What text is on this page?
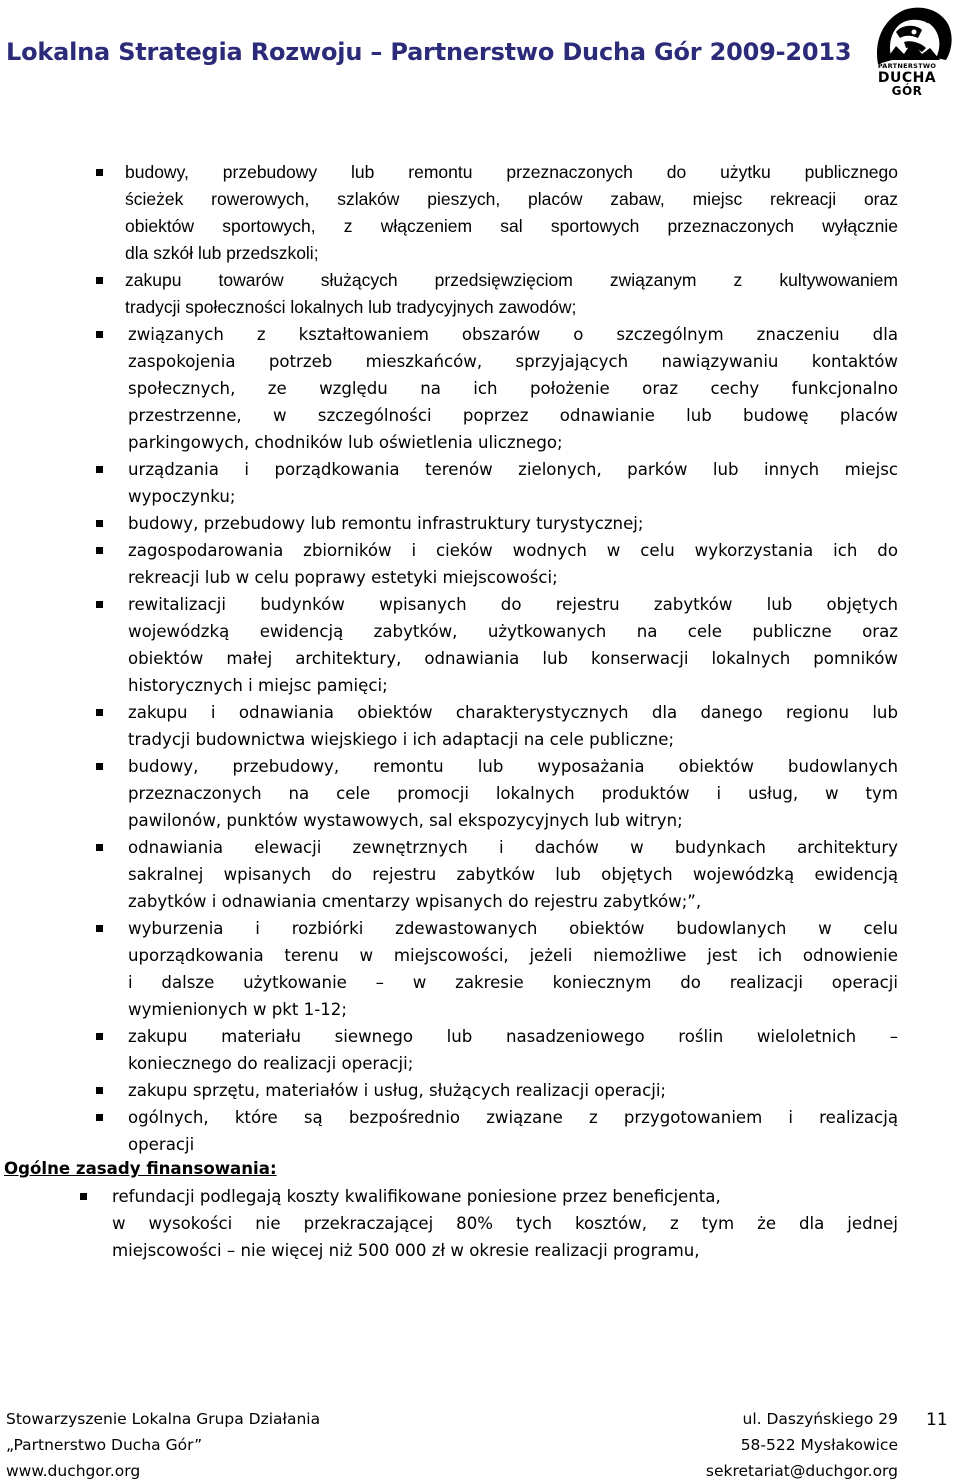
Lokalna Strategia Rozwoju – Partnerstwo Ducha Gór 2009-2013	PARTNERSTWO
DUCHA
GÓR
budowy, przebudowy lub remontu przeznaczonych do użytku publicznego
ścieżek rowerowych, szlaków pieszych, placów zabaw, miejsc rekreacji oraz
obiektów sportowych, z włączeniem sal sportowych przeznaczonych wyłącznie
dla szkół lub przedszkoli;
zakupu towarów służących przedsięwzięciom związanym z kultywowaniem
tradycji społeczności lokalnych lub tradycyjnych zawodów;
związanych z kształtowaniem obszarów o szczególnym znaczeniu dla
zaspokojenia potrzeb mieszkańców, sprzyjających nawiązywaniu kontaktów
społecznych, ze względu na ich położenie oraz cechy funkcjonalno
przestrzenne, w szczególności poprzez odnawianie lub budowę placów
parkingowych, chodników lub oświetlenia ulicznego;
urządzania i porządkowania terenów zielonych, parków lub innych miejsc
wypoczynku;
budowy, przebudowy lub remontu infrastruktury turystycznej;
zagospodarowania zbiorników i cieków wodnych w celu wykorzystania ich do
rekreacji lub w celu poprawy estetyki miejscowości;
rewitalizacji budynków wpisanych do rejestru zabytków lub objętych
wojewódzką ewidencją zabytków, użytkowanych na cele publiczne oraz
obiektów małej architektury, odnawiania lub konserwacji lokalnych pomników
historycznych i miejsc pamięci;
zakupu i odnawiania obiektów charakterystycznych dla danego regionu lub
tradycji budownictwa wiejskiego i ich adaptacji na cele publiczne;
budowy, przebudowy, remontu lub wyposażania obiektów budowlanych
przeznaczonych na cele promocji lokalnych produktów i usług, w tym
pawilonów, punktów wystawowych, sal ekspozycyjnych lub witryn;
odnawiania elewacji zewnętrznych i dachów w budynkach architektury
sakralnej wpisanych do rejestru zabytków lub objętych wojewódzką ewidencją
zabytków i odnawiania cmentarzy wpisanych do rejestru zabytków;”,
wyburzenia i rozbiórki zdewastowanych obiektów budowlanych w celu
uporządkowania terenu w miejscowości, jeżeli niemożliwe jest ich odnowienie
i dalsze użytkowanie – w zakresie koniecznym do realizacji operacji
wymienionych w pkt 1-12;
zakupu materiału siewnego lub nasadzeniowego roślin wieloletnich –
koniecznego do realizacji operacji;
zakupu sprzętu, materiałów i usług, służących realizacji operacji;
ogólnych, które są bezpośrednio związane z przygotowaniem i realizacją
operacji
Ogólne zasady finansowania:
refundacji podlegają koszty kwalifikowane poniesione przez beneficjenta,
w wysokości nie przekraczającej 80% tych kosztów, z tym że dla jednej
miejscowości – nie więcej niż 500 000 zł w okresie realizacji programu,
Stowarzyszenie Lokalna Grupa Działania
„Partnerstwo Ducha Gór”
www.duchgor.org
ul. Daszyńskiego 29
58-522 Mysłakowice
sekretariat@duchgor.org
11
